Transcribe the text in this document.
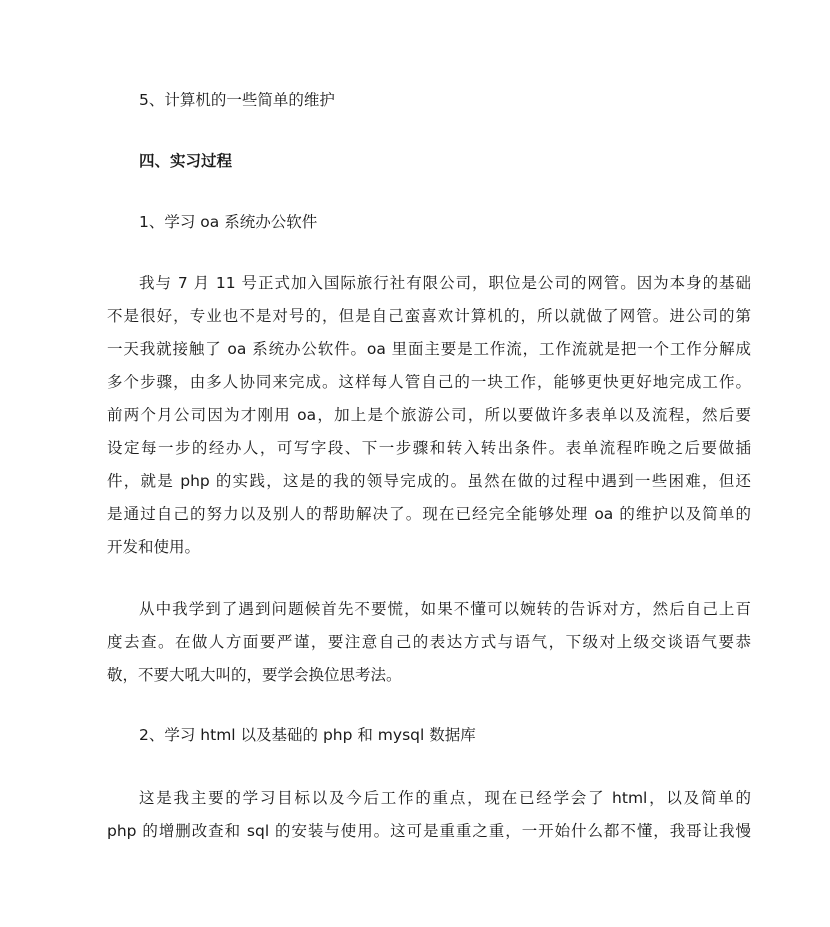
5、计算机的一些简单的维护
四、实习过程
1、学习 oa 系统办公软件
我与 7 月 11 号正式加入国际旅行社有限公司，职位是公司的网管。因为本身的基础
不是很好，专业也不是对号的，但是自己蛮喜欢计算机的，所以就做了网管。进公司的第
一天我就接触了 oa 系统办公软件。oa 里面主要是工作流，工作流就是把一个工作分解成
多个步骤，由多人协同来完成。这样每人管自己的一块工作，能够更快更好地完成工作。
前两个月公司因为才刚用 oa，加上是个旅游公司，所以要做许多表单以及流程，然后要
设定每一步的经办人，可写字段、下一步骤和转入转出条件。表单流程昨晚之后要做插
件，就是 php 的实践，这是的我的领导完成的。虽然在做的过程中遇到一些困难，但还
是通过自己的努力以及别人的帮助解决了。现在已经完全能够处理 oa 的维护以及简单的
开发和使用。
从中我学到了遇到问题候首先不要慌，如果不懂可以婉转的告诉对方，然后自己上百
度去查。在做人方面要严谨，要注意自己的表达方式与语气，下级对上级交谈语气要恭
敬，不要大吼大叫的，要学会换位思考法。
2、学习 html 以及基础的 php 和 mysql 数据库
这是我主要的学习目标以及今后工作的重点，现在已经学会了 html，以及简单的
php 的增删改查和 sql 的安装与使用。这可是重重之重，一开始什么都不懂，我哥让我慢
